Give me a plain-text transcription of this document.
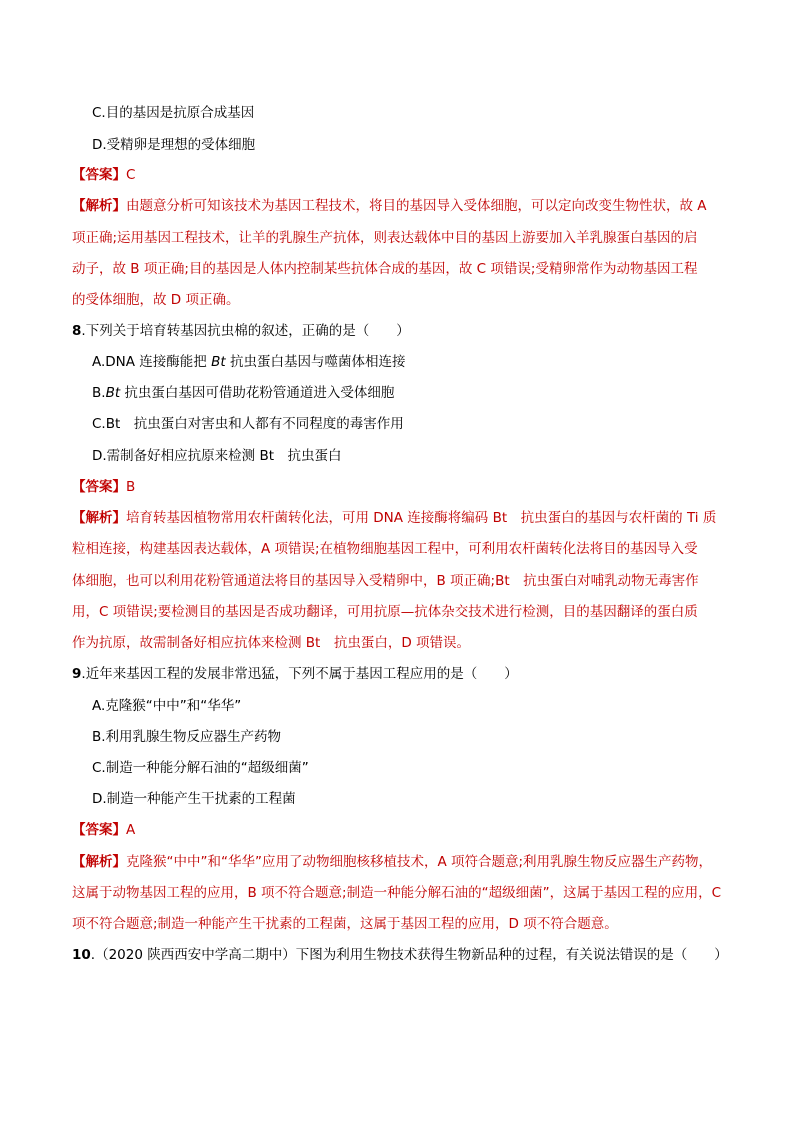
C.目的基因是抗原合成基因
D.受精卵是理想的受体细胞
【答案】C
【解析】由题意分析可知该技术为基因工程技术，将目的基因导入受体细胞，可以定向改变生物性状，故 A
项正确;运用基因工程技术，让羊的乳腺生产抗体，则表达载体中目的基因上游要加入羊乳腺蛋白基因的启
动子，故 B 项正确;目的基因是人体内控制某些抗体合成的基因，故 C 项错误;受精卵常作为动物基因工程
的受体细胞，故 D 项正确。
8.下列关于培育转基因抗虫棉的叙述，正确的是（　　）
A.DNA 连接酶能把 Bt 抗虫蛋白基因与噬菌体相连接
B.Bt 抗虫蛋白基因可借助花粉管通道进入受体细胞
C.Bt　抗虫蛋白对害虫和人都有不同程度的毒害作用
D.需制备好相应抗原来检测 Bt　抗虫蛋白
【答案】B
【解析】培育转基因植物常用农杆菌转化法，可用 DNA 连接酶将编码 Bt　抗虫蛋白的基因与农杆菌的 Ti 质
粒相连接，构建基因表达载体，A 项错误;在植物细胞基因工程中，可利用农杆菌转化法将目的基因导入受
体细胞，也可以利用花粉管通道法将目的基因导入受精卵中，B 项正确;Bt　抗虫蛋白对哺乳动物无毒害作
用，C 项错误;要检测目的基因是否成功翻译，可用抗原—抗体杂交技术进行检测，目的基因翻译的蛋白质
作为抗原，故需制备好相应抗体来检测 Bt　抗虫蛋白，D 项错误。
9.近年来基因工程的发展非常迅猛，下列不属于基因工程应用的是（　　）
A.克隆猴“中中”和“华华”
B.利用乳腺生物反应器生产药物
C.制造一种能分解石油的“超级细菌”
D.制造一种能产生干扰素的工程菌
【答案】A
【解析】克隆猴“中中”和“华华”应用了动物细胞核移植技术，A 项符合题意;利用乳腺生物反应器生产药物，
这属于动物基因工程的应用，B 项不符合题意;制造一种能分解石油的“超级细菌”，这属于基因工程的应用，C
项不符合题意;制造一种能产生干扰素的工程菌，这属于基因工程的应用，D 项不符合题意。
10.（2020 陕西西安中学高二期中）下图为利用生物技术获得生物新品种的过程，有关说法错误的是（　　）
